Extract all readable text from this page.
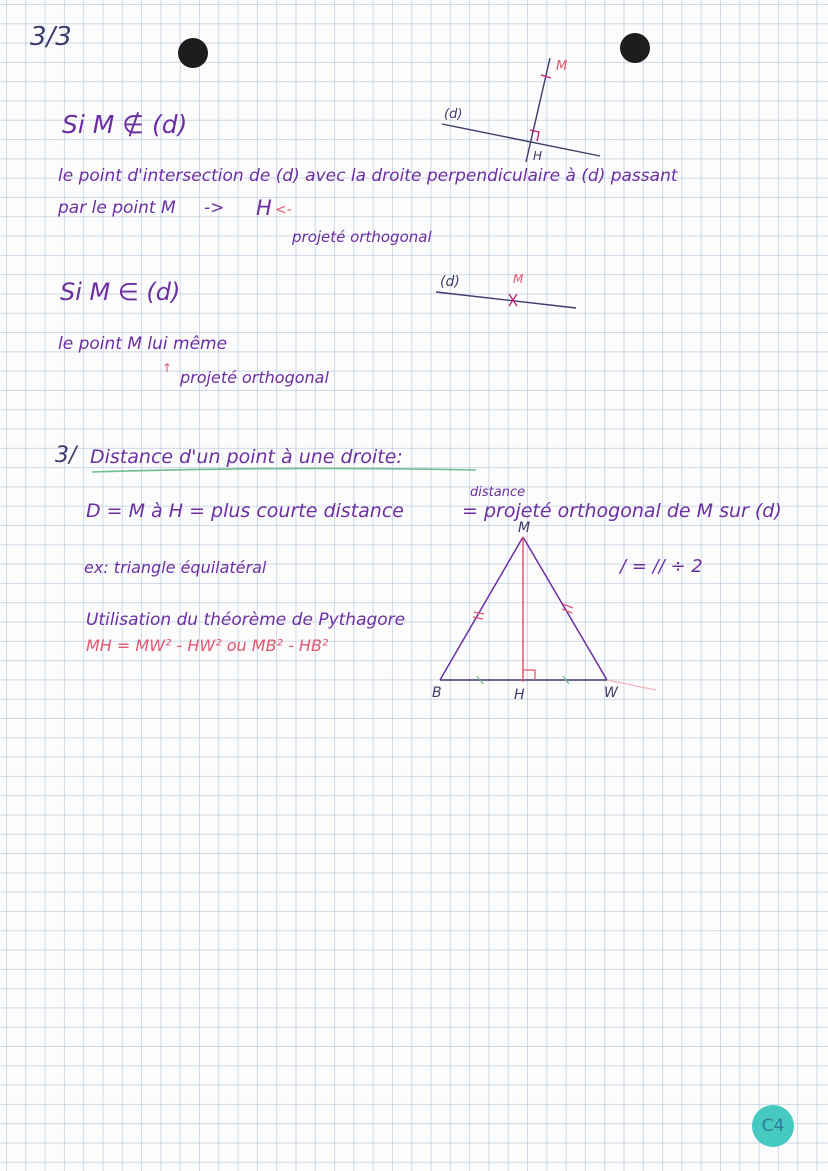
3/3
Si M ∉ (d)
le point d'intersection de (d) avec la droite perpendiculaire à (d) passant
par le point M -> H <-
projeté orthogonal
(d)
M
H
Si M ∈ (d)
le point M lui même
↑ projeté orthogonal
(d)	M
3/ Distance d'un point à une droite:
distance
D = M à H = plus courte distance	= projeté orthogonal de M sur (d)
ex: triangle équilatéral	/ = // ÷ 2
Utilisation du théorème de Pythagore
MH = MW² - HW² ou MB² - HB²
M
B	H	W
C4
